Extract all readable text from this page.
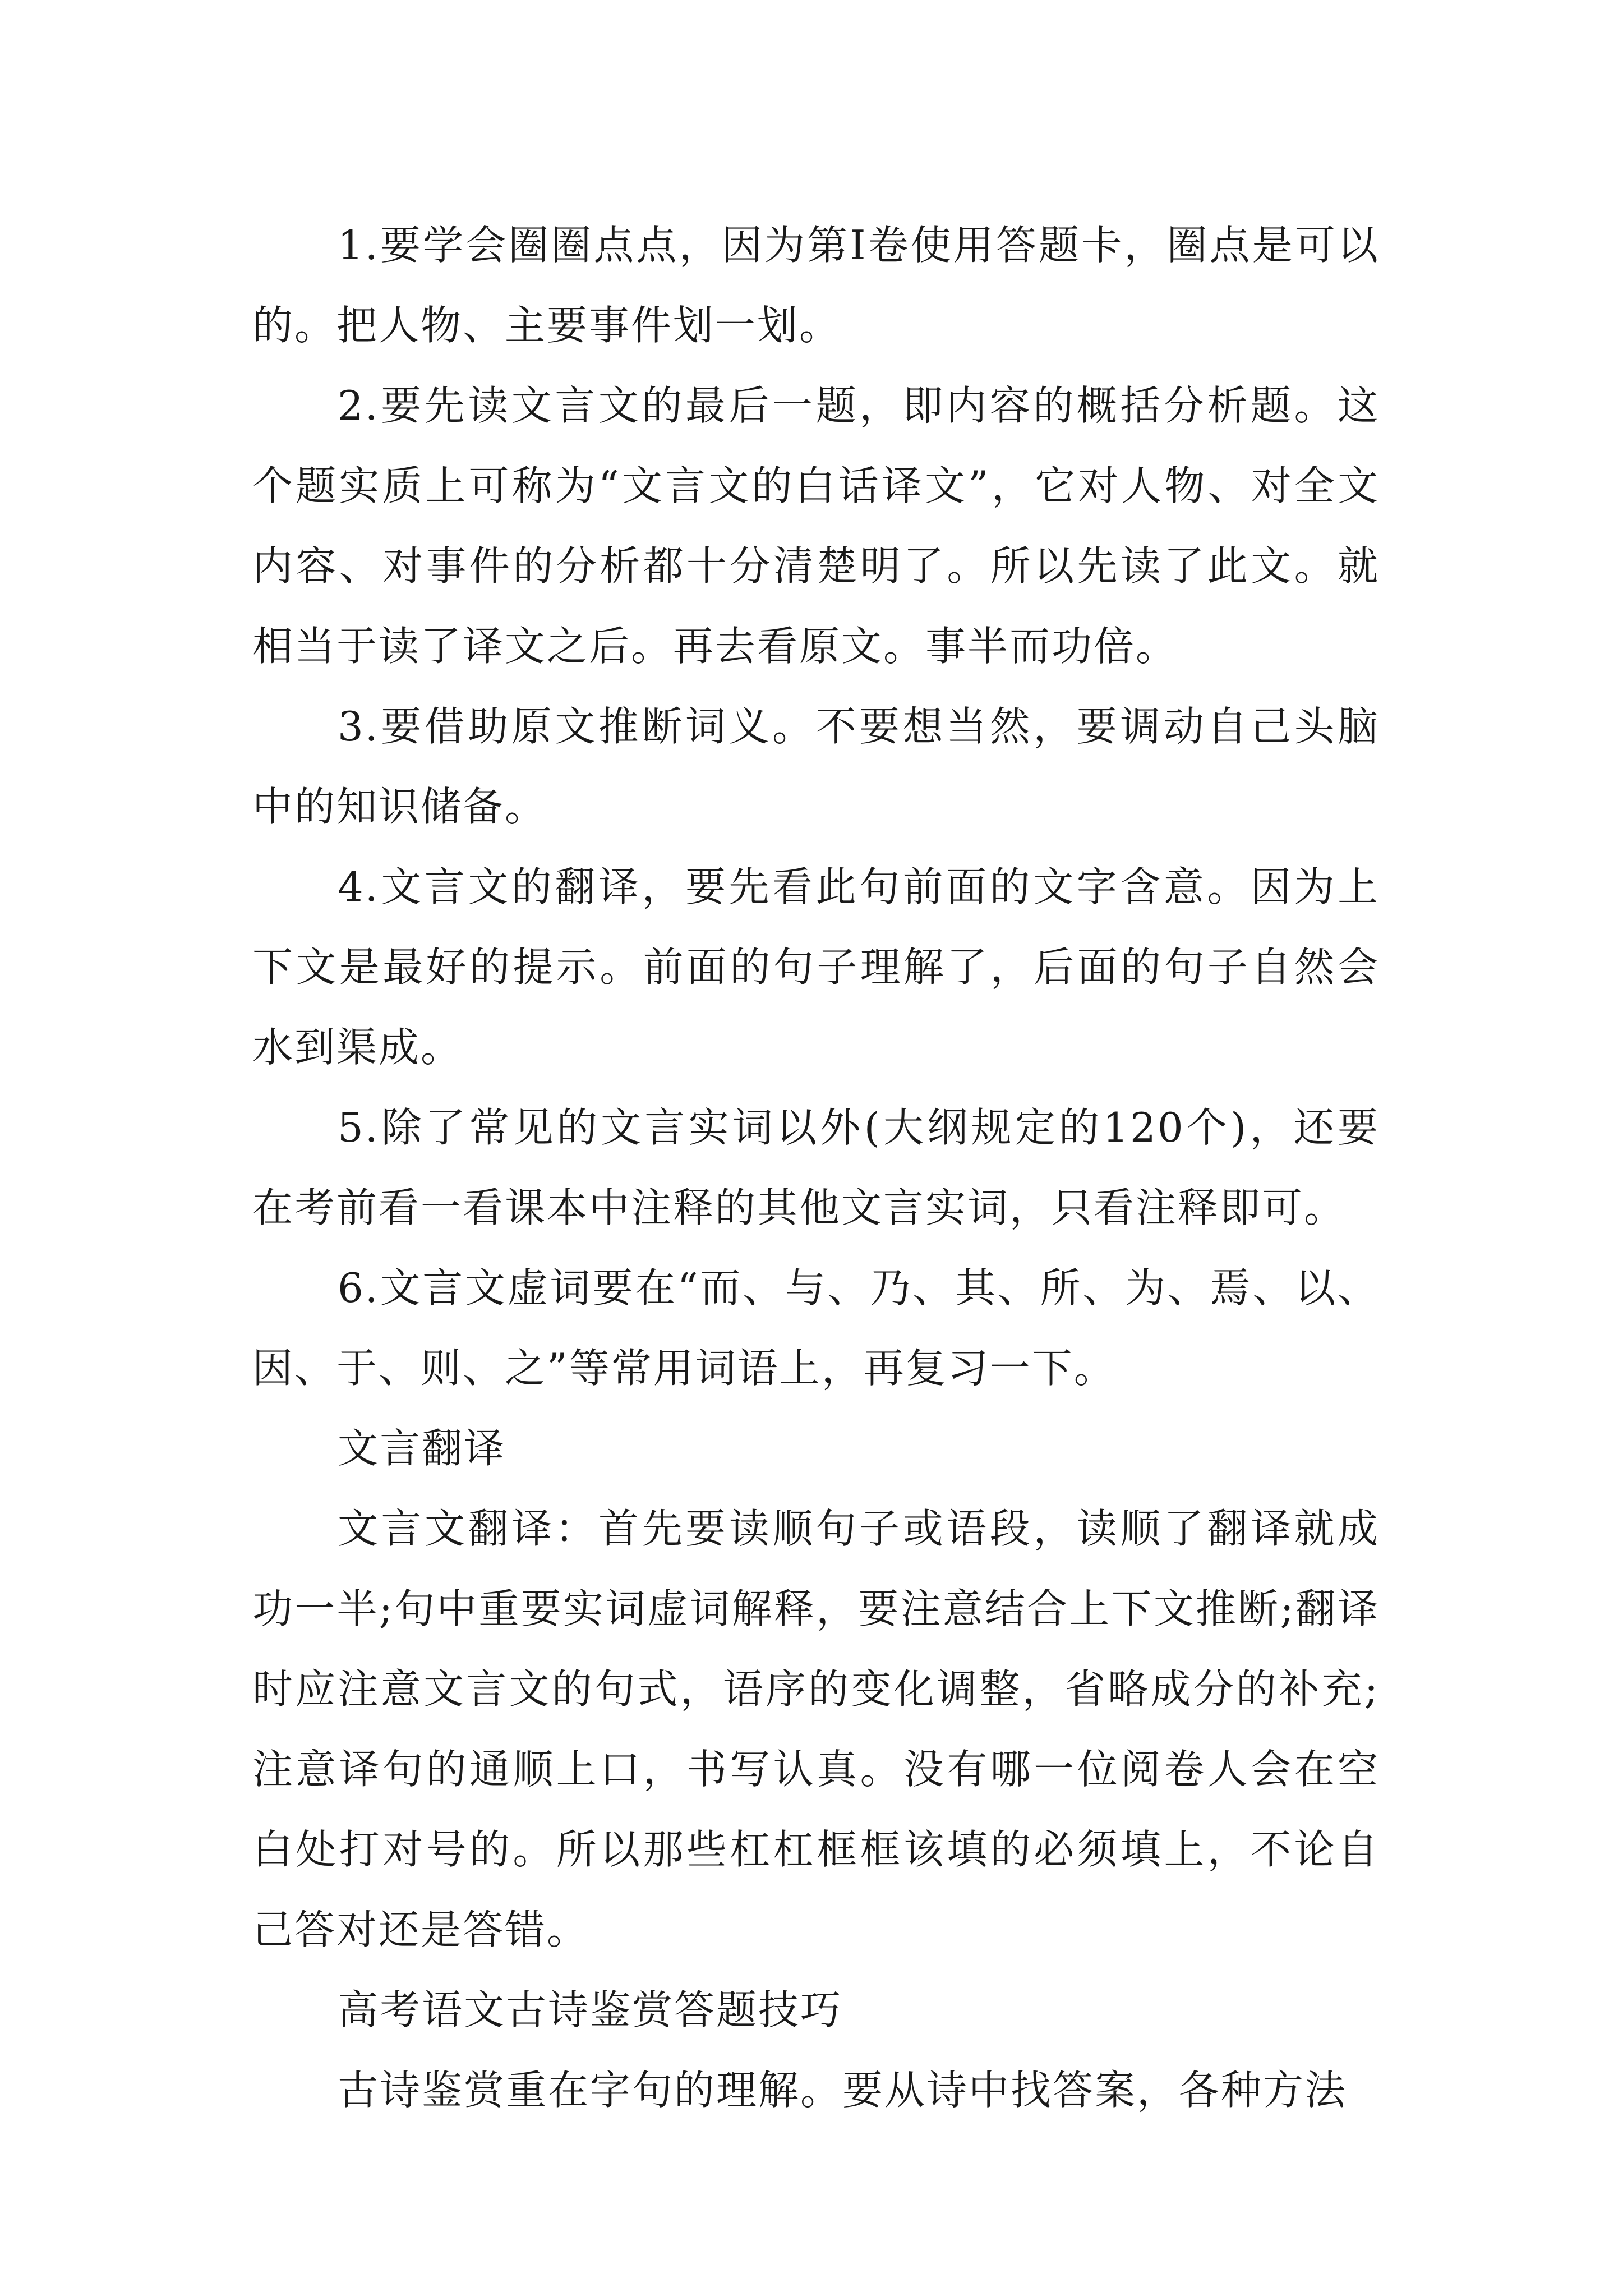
1.要学会圈圈点点，因为第Ⅰ卷使用答题卡，圈点是可以的。把人物、主要事件划一划。

2.要先读文言文的最后一题，即内容的概括分析题。这个题实质上可称为“文言文的白话译文”，它对人物、对全文内容、对事件的分析都十分清楚明了。所以先读了此文。就相当于读了译文之后。再去看原文。事半而功倍。

3.要借助原文推断词义。不要想当然，要调动自己头脑中的知识储备。

4.文言文的翻译，要先看此句前面的文字含意。因为上下文是最好的提示。前面的句子理解了，后面的句子自然会水到渠成。

5.除了常见的文言实词以外(大纲规定的120个)，还要在考前看一看课本中注释的其他文言实词，只看注释即可。

6.文言文虚词要在“而、与、乃、其、所、为、焉、以、因、于、则、之”等常用词语上，再复习一下。

文言翻译

文言文翻译：首先要读顺句子或语段，读顺了翻译就成功一半;句中重要实词虚词解释，要注意结合上下文推断;翻译时应注意文言文的句式，语序的变化调整，省略成分的补充;注意译句的通顺上口，书写认真。没有哪一位阅卷人会在空白处打对号的。所以那些杠杠框框该填的必须填上，不论自己答对还是答错。

高考语文古诗鉴赏答题技巧

古诗鉴赏重在字句的理解。要从诗中找答案，各种方法
